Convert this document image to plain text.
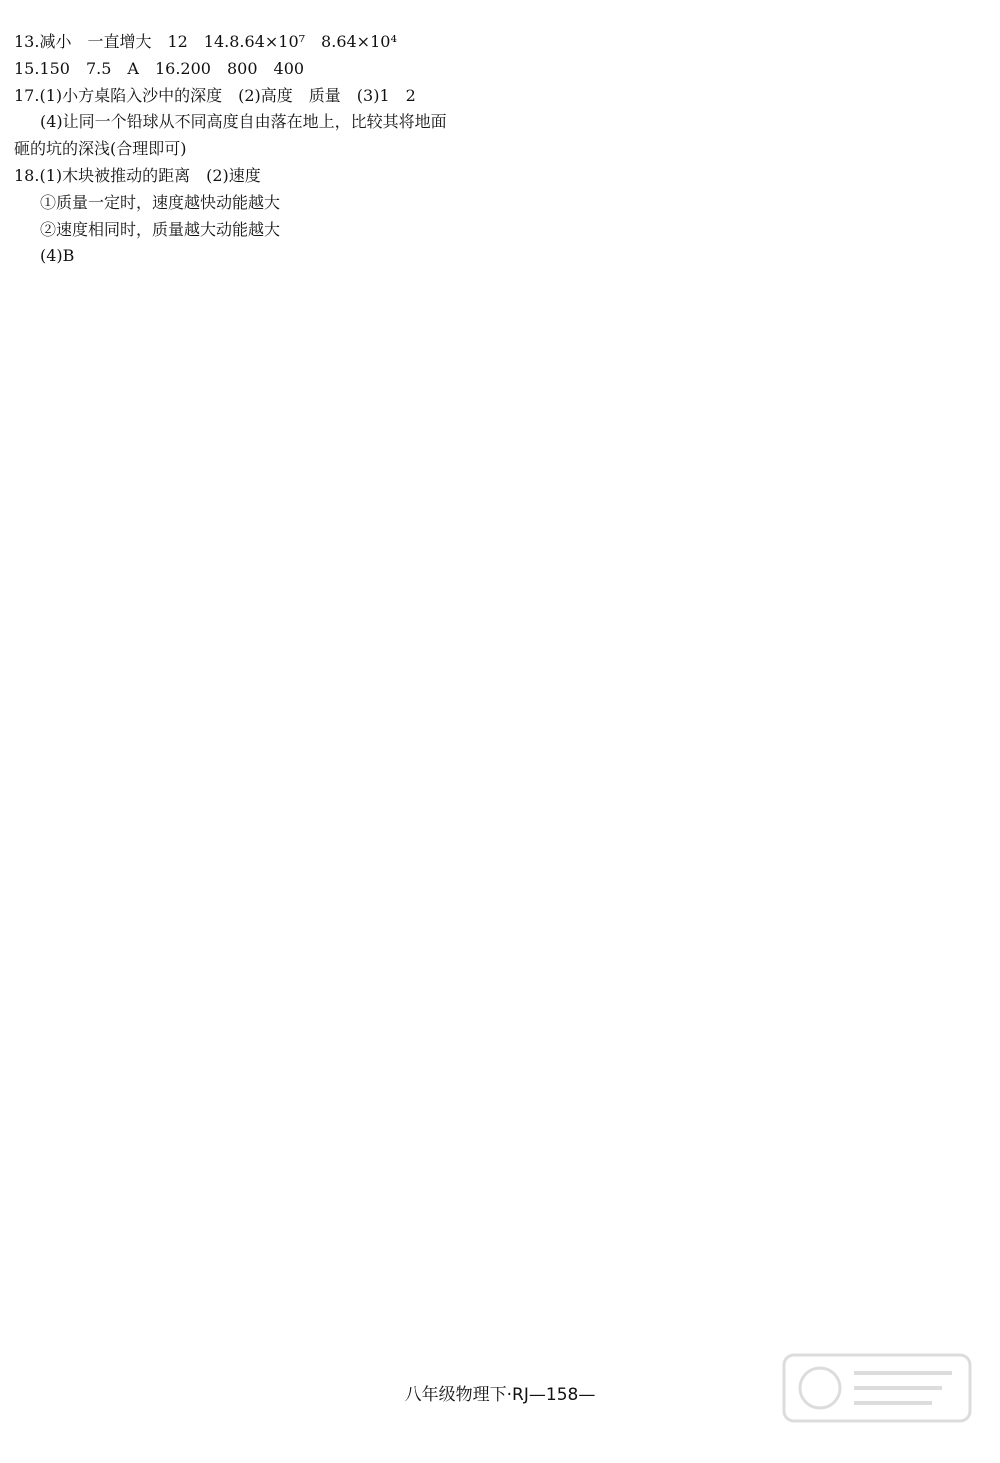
13.减小　一直增大　12　14.8.64×10⁷　8.64×10⁴
15.150　7.5　A　16.200　800　400
17.(1)小方桌陷入沙中的深度　(2)高度　质量　(3)1　2
(4)让同一个铅球从不同高度自由落在地上，比较其将地面
砸的坑的深浅(合理即可)
18.(1)木块被推动的距离　(2)速度
①质量一定时，速度越快动能越大
②速度相同时，质量越大动能越大
(4)B
八年级物理下·RJ—158—
